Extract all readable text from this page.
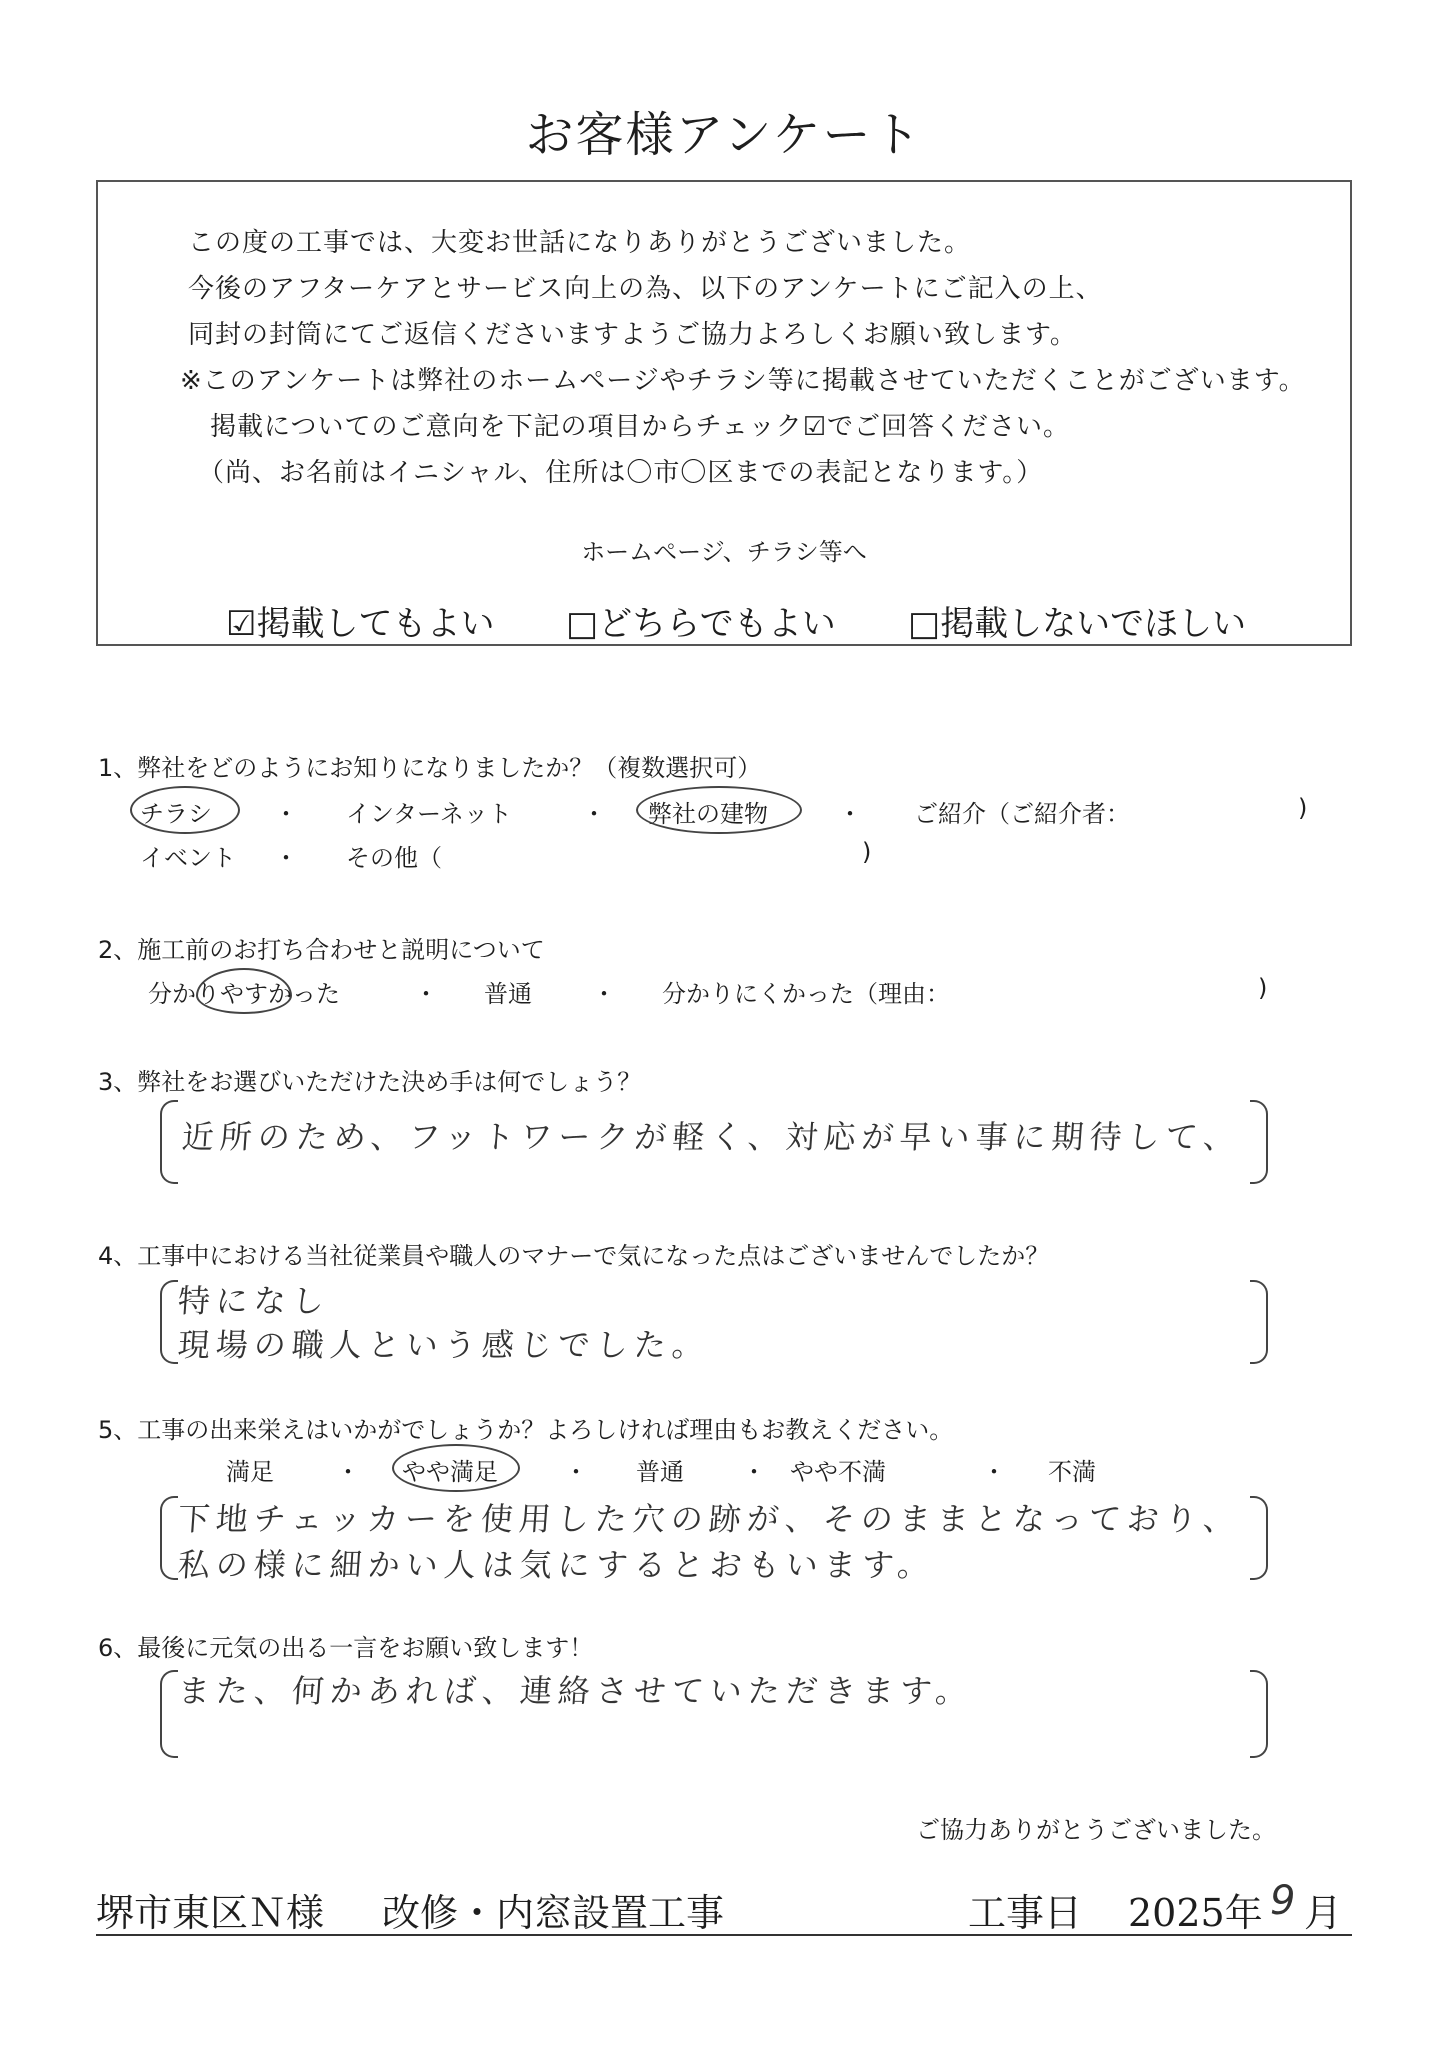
お客様アンケート
この度の工事では、大変お世話になりありがとうございました。
今後のアフターケアとサービス向上の為、以下のアンケートにご記入の上、
同封の封筒にてご返信くださいますようご協力よろしくお願い致します。
※このアンケートは弊社のホームページやチラシ等に掲載させていただくことがございます。
掲載についてのご意向を下記の項目からチェック☑でご回答ください。
（尚、お名前はイニシャル、住所は〇市〇区までの表記となります。）
ホームページ、チラシ等へ
☑掲載してもよい □どちらでもよい □掲載しないでほしい
1、弊社をどのようにお知りになりましたか？（複数選択可）
チラシ	・ インターネット	・ 弊社の建物	・ ご紹介（ご紹介者：	)
イベント ・ その他（	)
2、施工前のお打ち合わせと説明について
分かりやすかった	・ 普通	・ 分かりにくかった（理由：	)
3、弊社をお選びいただけた決め手は何でしょう？
近所のため、フットワークが軽く、対応が早い事に期待して、
4、工事中における当社従業員や職人のマナーで気になった点はございませんでしたか？
特になし
現場の職人という感じでした。
5、工事の出来栄えはいかがでしょうか？よろしければ理由もお教えください。
満足	・ やや満足	・ 普通 ・ やや不満	・ 不満
下地チェッカーを使用した穴の跡が、そのままとなっており、
私の様に細かい人は気にするとおもいます。
6、最後に元気の出る一言をお願い致します！
また、何かあれば、連絡させていただきます。
ご協力ありがとうございました。
堺市東区Ｎ様 改修・内窓設置工事	工事日 2025年 9 月
